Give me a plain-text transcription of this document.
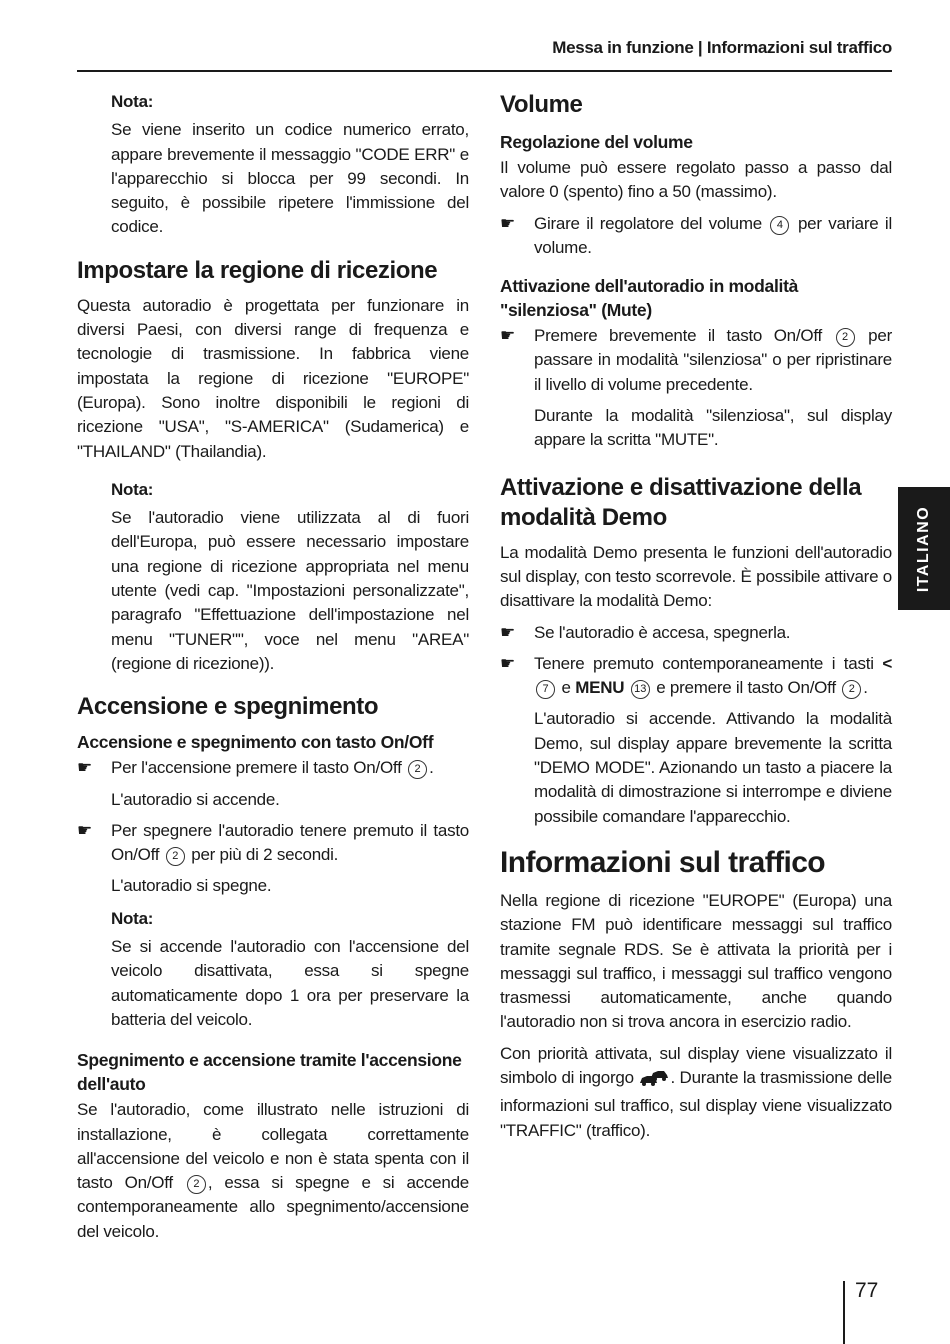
Messa in funzione | Informazioni sul traffico
Nota:

Se viene inserito un codice numerico errato, appare brevemente il messaggio "CODE ERR" e l'apparecchio si blocca per 99 secondi. In seguito, è possibile ripetere l'immissione del codice.

Impostare la regione di ricezione

Questa autoradio è progettata per funzionare in diversi Paesi, con diversi range di frequenza e tecnologie di trasmissione. In fabbrica viene impostata la regione di ricezione "EUROPE" (Europa). Sono inoltre disponibili le regioni di ricezione "USA", "S-AMERICA" (Sudamerica) e "THAILAND" (Thailandia).

Nota:

Se l'autoradio viene utilizzata al di fuori dell'Europa, può essere necessario impostare una regione di ricezione appropriata nel menu utente (vedi cap. "Impostazioni personalizzate", paragrafo "Effettuazione dell'impostazione nel menu "TUNER"", voce nel menu "AREA" (regione di ricezione)).

Accensione e spegnimento
Accensione e spegnimento con tasto On/Off
☛ Per l'accensione premere il tasto On/Off 2 .
L'autoradio si accende.
☛ Per spegnere l'autoradio tenere premuto il tasto On/Off 2 per più di 2 secondi.
L'autoradio si spegne.
Nota:

Se si accende l'autoradio con l'accensione del veicolo disattivata, essa si spegne automaticamente dopo 1 ora per preservare la batteria del veicolo.

Spegnimento e accensione tramite l'accensione dell'auto

Se l'autoradio, come illustrato nelle istruzioni di installazione, è collegata correttamente all'accensione del veicolo e non è stata spenta con il tasto On/Off 2 , essa si spegne e si accende contemporaneamente allo spegnimento/accensione del veicolo.

Volume
Regolazione del volume

Il volume può essere regolato passo a passo dal valore 0 (spento) fino a 50 (massimo).

☛ Girare il regolatore del volume 4 per variare il volume.
Attivazione dell'autoradio in modalità "silenziosa" (Mute)
☛ Premere brevemente il tasto On/Off 2 per passare in modalità "silenziosa" o per ripristinare il livello di volume precedente.
Durante la modalità "silenziosa", sul display appare la scritta "MUTE".
Attivazione e disattivazione della modalità Demo

La modalità Demo presenta le funzioni dell'autoradio sul display, con testo scorrevole. È possibile attivare o disattivare la modalità Demo:

☛ Se l'autoradio è accesa, spegnerla.
☛ Tenere premuto contemporaneamente i tasti <7 e MENU 13 e premere il tasto On/Off 2 .
L'autoradio si accende. Attivando la modalità Demo, sul display appare brevemente la scritta "DEMO MODE". Azionando un tasto a piacere la modalità di dimostrazione si interrompe e diviene possibile comandare l'apparecchio.
Informazioni sul traffico

Nella regione di ricezione "EUROPE" (Europa) una stazione FM può identificare messaggi sul traffico tramite segnale RDS. Se è attivata la priorità per i messaggi sul traffico, i messaggi sul traffico vengono trasmessi automaticamente, anche quando l'autoradio non si trova ancora in esercizio radio.

Con priorità attivata, sul display viene visualizzato il simbolo di ingorgo . Durante la trasmissione delle informazioni sul traffico, sul display viene visualizzato "TRAFFIC" (traffico).

ITALIANO
77
